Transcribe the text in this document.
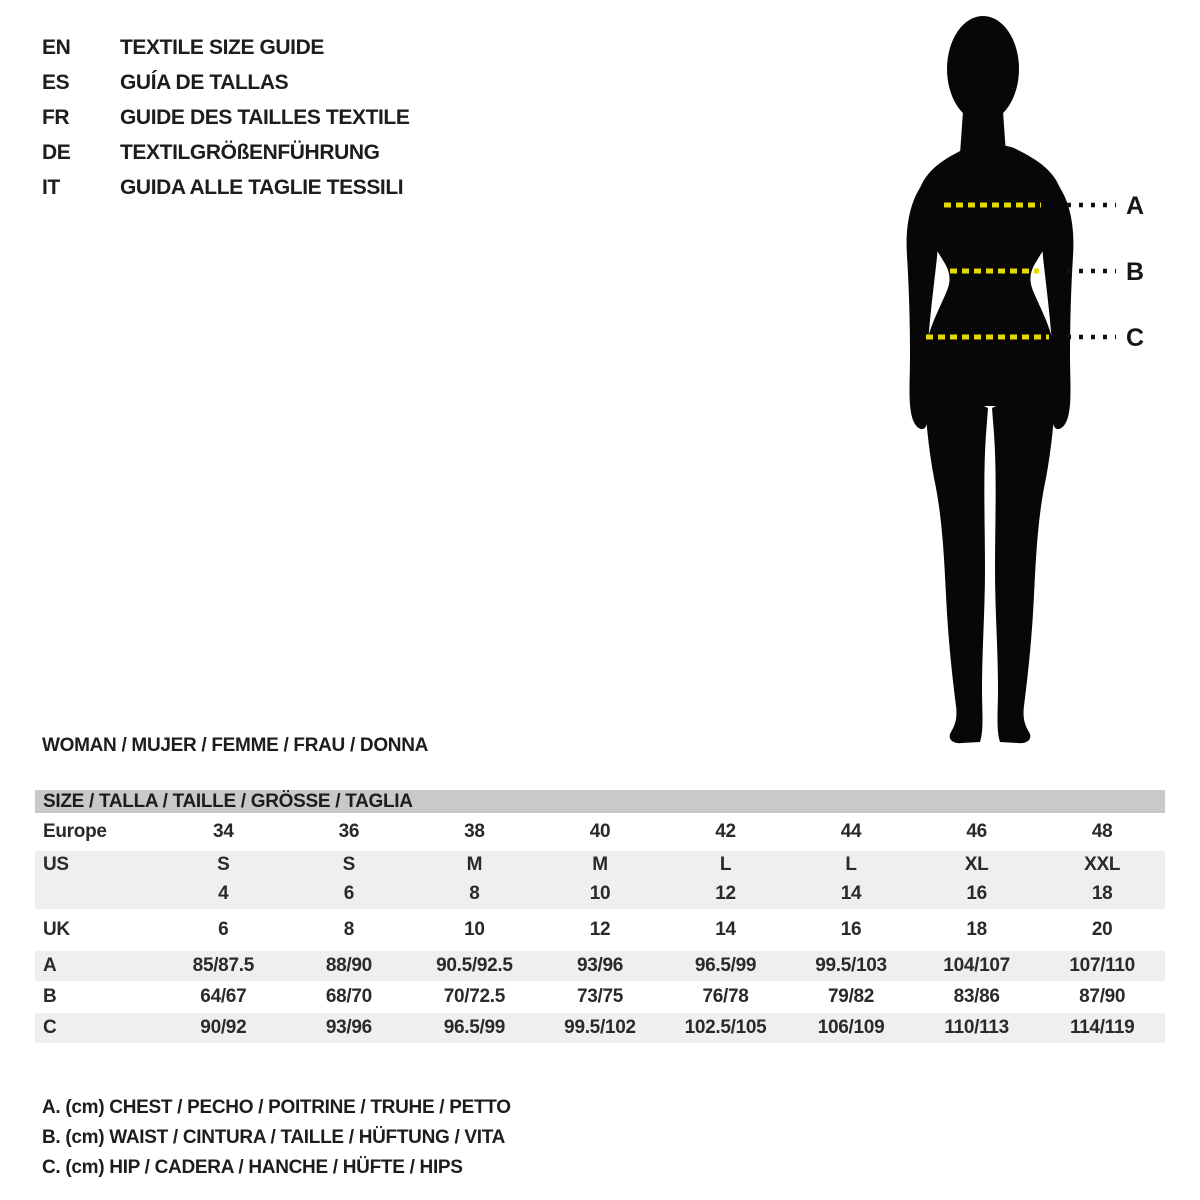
EN	TEXTILE SIZE GUIDE
ES	GUÍA DE TALLAS
FR	GUIDE DES TAILLES TEXTILE
DE	TEXTILGRÖßENFÜHRUNG
IT	GUIDA ALLE TAGLIE TESSILI
A
B
C
WOMAN / MUJER / FEMME / FRAU / DONNA
SIZE / TALLA / TAILLE / GRÖSSE / TAGLIA								
Europe	34	36	38	40	42	44	46	48
US	S	S	M	M	L	L	XL	XXL
	4	6	8	10	12	14	16	18
UK	6	8	10	12	14	16	18	20
A	85/87.5	88/90	90.5/92.5	93/96	96.5/99	99.5/103	104/107	107/110
B	64/67	68/70	70/72.5	73/75	76/78	79/82	83/86	87/90
C	90/92	93/96	96.5/99	99.5/102	102.5/105	106/109	110/113	114/119
A. (cm) CHEST / PECHO / POITRINE / TRUHE / PETTO
B. (cm) WAIST / CINTURA / TAILLE / HÜFTUNG / VITA
C. (cm) HIP / CADERA / HANCHE / HÜFTE / HIPS
